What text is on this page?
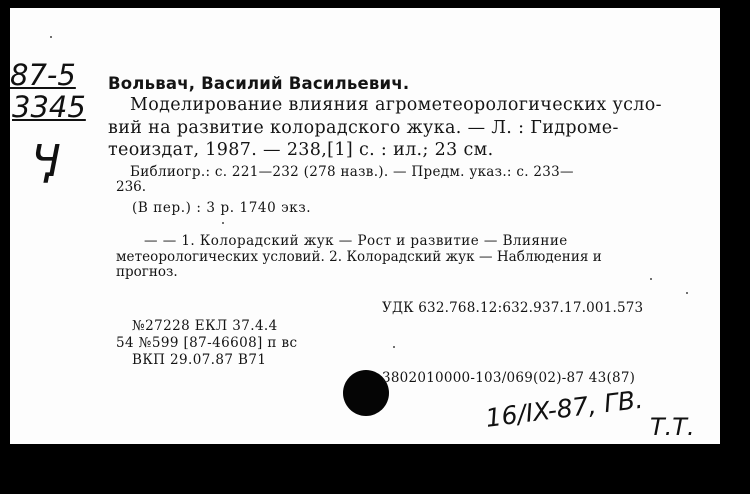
87-5
3345
Ӌ
Вольвач, Василий Васильевич.
Моделирование влияния агрометеорологических усло-
вий на развитие колорадского жука. — Л. : Гидроме-
теоиздат, 1987. — 238,[1] с. : ил.; 23 см.
Библиогр.: с. 221—232 (278 назв.). — Предм. указ.: с. 233—
236.
(В пер.) : 3 р. 1740 экз.
— — 1. Колорадский жук — Рост и развитие — Влияние
метеорологических условий. 2. Колорадский жук — Наблюдения и
прогноз.
УДК 632.768.12:632.937.17.001.573
№27228 ЕКЛ 37.4.4
54 №599 [87-46608] п вс
ВКП 29.07.87 В71
3802010000-103/069(02)-87 43(87)
16/IX-87, ГВ. Т.Т.
